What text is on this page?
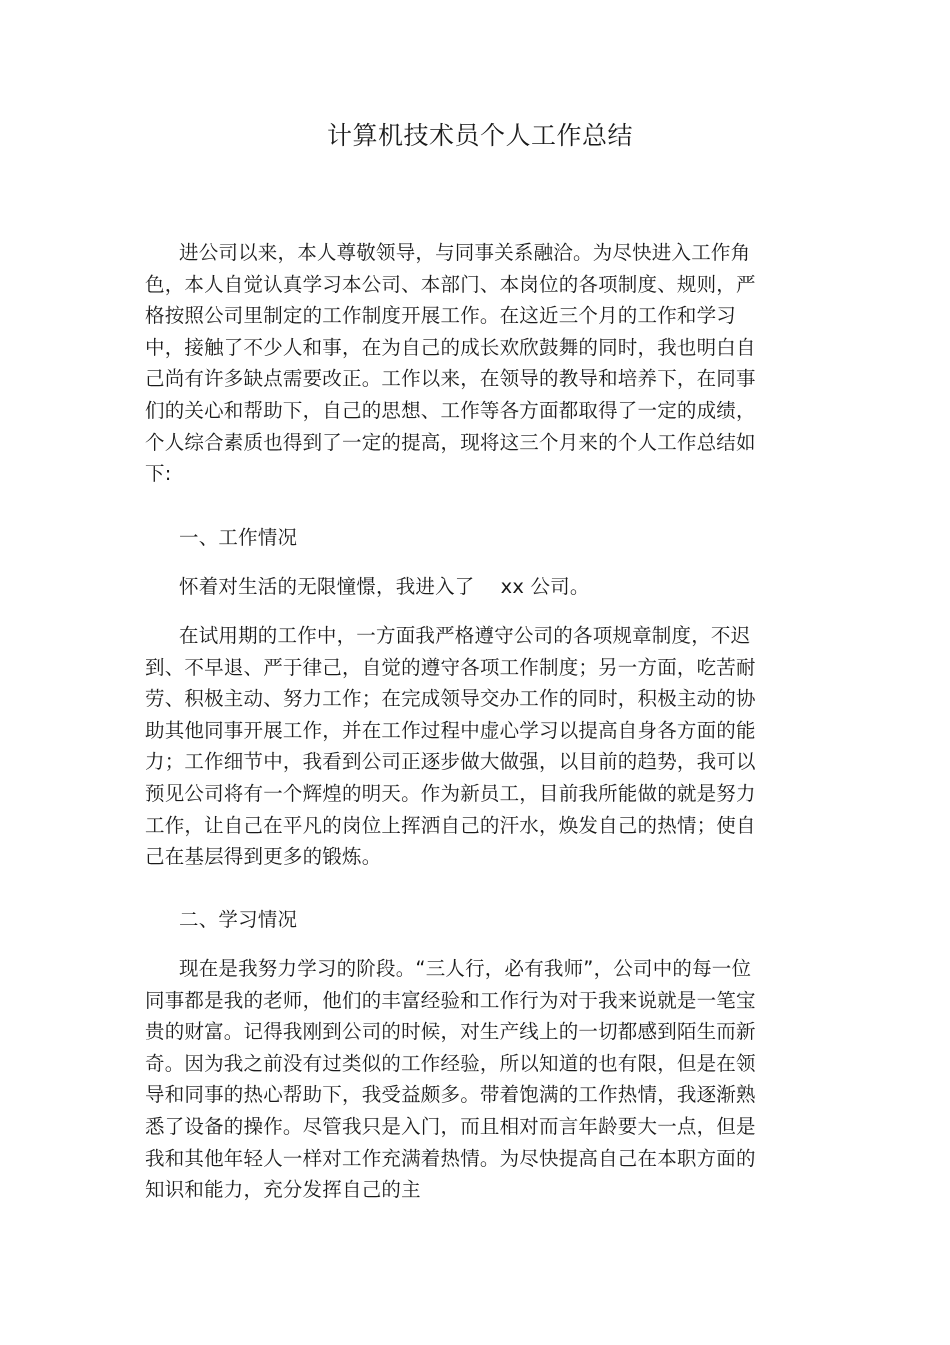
计算机技术员个人工作总结

进公司以来，本人尊敬领导，与同事关系融洽。为尽快进入工作角色，本人自觉认真学习本公司、本部门、本岗位的各项制度、规则，严格按照公司里制定的工作制度开展工作。在这近三个月的工作和学习中，接触了不少人和事，在为自己的成长欢欣鼓舞的同时，我也明白自己尚有许多缺点需要改正。工作以来，在领导的教导和培养下，在同事们的关心和帮助下，自己的思想、工作等各方面都取得了一定的成绩，个人综合素质也得到了一定的提高，现将这三个月来的个人工作总结如下:

一、工作情况

怀着对生活的无限憧憬，我进入了　 xx 公司。

在试用期的工作中，一方面我严格遵守公司的各项规章制度，不迟到、不早退、严于律己，自觉的遵守各项工作制度；另一方面，吃苦耐劳、积极主动、努力工作；在完成领导交办工作的同时，积极主动的协助其他同事开展工作，并在工作过程中虚心学习以提高自身各方面的能力；工作细节中，我看到公司正逐步做大做强，以目前的趋势，我可以预见公司将有一个辉煌的明天。作为新员工，目前我所能做的就是努力工作，让自己在平凡的岗位上挥洒自己的汗水，焕发自己的热情；使自己在基层得到更多的锻炼。

二、学习情况

现在是我努力学习的阶段。“三人行，必有我师”，公司中的每一位同事都是我的老师，他们的丰富经验和工作行为对于我来说就是一笔宝贵的财富。记得我刚到公司的时候，对生产线上的一切都感到陌生而新奇。因为我之前没有过类似的工作经验，所以知道的也有限，但是在领导和同事的热心帮助下，我受益颇多。带着饱满的工作热情，我逐渐熟悉了设备的操作。尽管我只是入门，而且相对而言年龄要大一点，但是我和其他年轻人一样对工作充满着热情。为尽快提高自己在本职方面的知识和能力，充分发挥自己的主
